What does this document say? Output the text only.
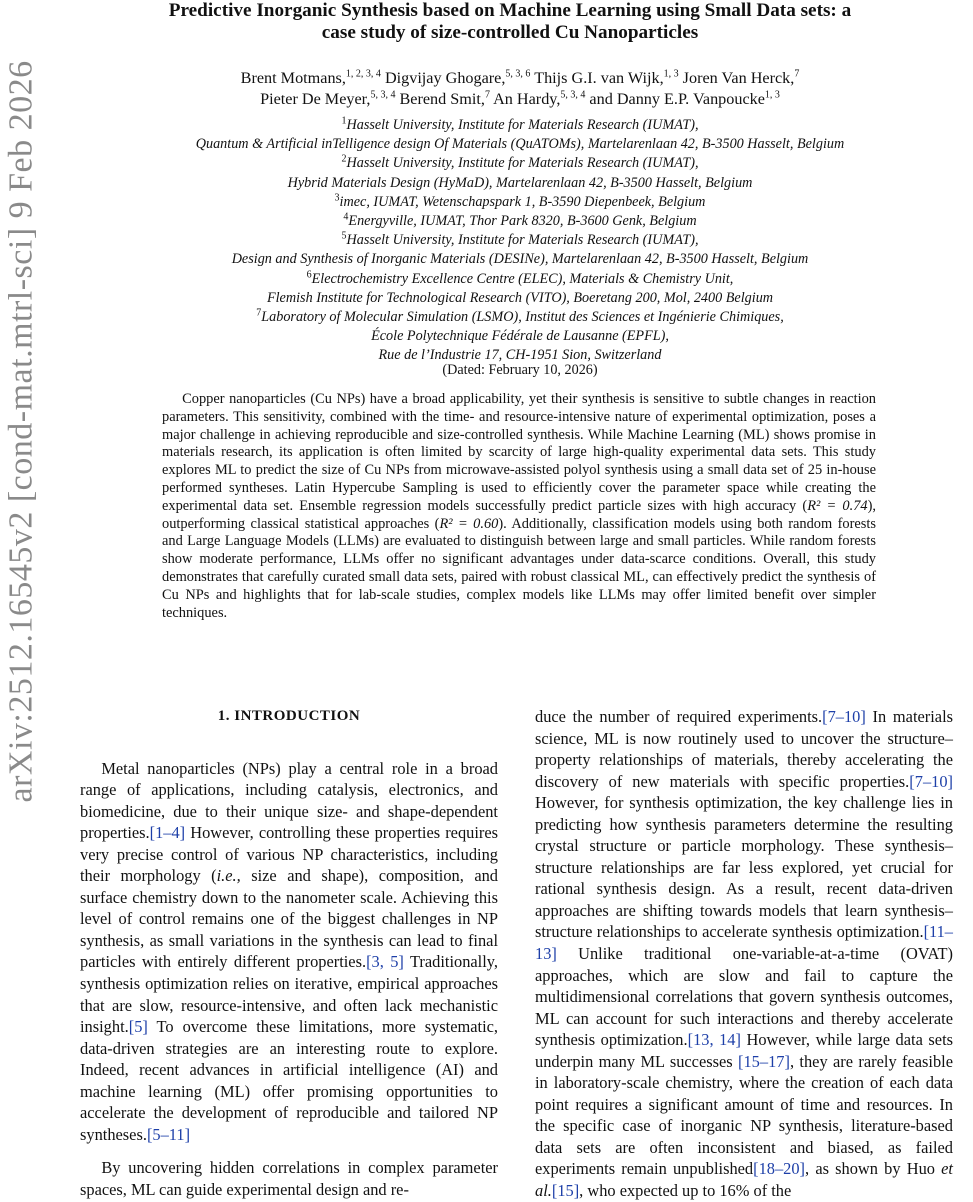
arXiv:2512.16545v2 [cond-mat.mtrl-sci] 9 Feb 2026
Predictive Inorganic Synthesis based on Machine Learning using Small Data sets: a
case study of size-controlled Cu Nanoparticles
Brent Motmans,$^{1, 2, 3, 4}$ Digvijay Ghogare,$^{5, 3, 6}$ Thijs G.I. van Wijk,$^{1, 3}$ Joren Van Herck,$^7$
Pieter De Meyer,$^{5, 3, 4}$ Berend Smit,$^7$ An Hardy,$^{5, 3, 4}$ and Danny E.P. Vanpoucke$^{1, 3}$
$^1$Hasselt University, Institute for Materials Research (IUMAT),
Quantum & Artificial inTelligence design Of Materials (QuATOMs), Martelarenlaan 42, B-3500 Hasselt, Belgium
$^2$Hasselt University, Institute for Materials Research (IUMAT),
Hybrid Materials Design (HyMaD), Martelarenlaan 42, B-3500 Hasselt, Belgium
$^3$imec, IUMAT, Wetenschapspark 1, B-3590 Diepenbeek, Belgium
$^4$Energyville, IUMAT, Thor Park 8320, B-3600 Genk, Belgium
$^5$Hasselt University, Institute for Materials Research (IUMAT),
Design and Synthesis of Inorganic Materials (DESINe), Martelarenlaan 42, B-3500 Hasselt, Belgium
$^6$Electrochemistry Excellence Centre (ELEC), Materials & Chemistry Unit,
Flemish Institute for Technological Research (VITO), Boeretang 200, Mol, 2400 Belgium
$^7$Laboratory of Molecular Simulation (LSMO), Institut des Sciences et Ingénierie Chimiques,
École Polytechnique Fédérale de Lausanne (EPFL),
Rue de l’Industrie 17, CH-1951 Sion, Switzerland
(Dated: February 10, 2026)
Copper nanoparticles (Cu NPs) have a broad applicability, yet their synthesis is sensitive to subtle changes in reaction parameters. This sensitivity, combined with the time- and resource-intensive nature of experimental optimization, poses a major challenge in achieving reproducible and size-controlled synthesis. While Machine Learning (ML) shows promise in materials research, its application is often limited by scarcity of large high-quality experimental data sets. This study explores ML to predict the size of Cu NPs from microwave-assisted polyol synthesis using a small data set of 25 in-house performed syntheses. Latin Hypercube Sampling is used to efficiently cover the parameter space while creating the experimental data set. Ensemble regression models successfully predict particle sizes with high accuracy (R² = 0.74), outperforming classical statistical approaches (R² = 0.60). Additionally, classification models using both random forests and Large Language Models (LLMs) are evaluated to distinguish between large and small particles. While random forests show moderate performance, LLMs offer no significant advantages under data-scarce conditions. Overall, this study demonstrates that carefully curated small data sets, paired with robust classical ML, can effectively predict the synthesis of Cu NPs and highlights that for lab-scale studies, complex models like LLMs may offer limited benefit over simpler techniques.
1. INTRODUCTION

Metal nanoparticles (NPs) play a central role in a broad range of applications, including catalysis, electronics, and biomedicine, due to their unique size- and shape-dependent properties.[1–4] However, controlling these properties requires very precise control of various NP characteristics, including their morphology (i.e., size and shape), composition, and surface chemistry down to the nanometer scale. Achieving this level of control remains one of the biggest challenges in NP synthesis, as small variations in the synthesis can lead to final particles with entirely different properties.[3, 5] Traditionally, synthesis optimization relies on iterative, empirical approaches that are slow, resource-intensive, and often lack mechanistic insight.[5] To overcome these limitations, more systematic, data-driven strategies are an interesting route to explore. Indeed, recent advances in artificial intelligence (AI) and machine learning (ML) offer promising opportunities to accelerate the development of reproducible and tailored NP syntheses.[5–11]

By uncovering hidden correlations in complex parameter spaces, ML can guide experimental design and re-

duce the number of required experiments.[7–10] In materials science, ML is now routinely used to uncover the structure–property relationships of materials, thereby accelerating the discovery of new materials with specific properties.[7–10] However, for synthesis optimization, the key challenge lies in predicting how synthesis parameters determine the resulting crystal structure or particle morphology. These synthesis–structure relationships are far less explored, yet crucial for rational synthesis design. As a result, recent data-driven approaches are shifting towards models that learn synthesis–structure relationships to accelerate synthesis optimization.[11–13] Unlike traditional one-variable-at-a-time (OVAT) approaches, which are slow and fail to capture the multidimensional correlations that govern synthesis outcomes, ML can account for such interactions and thereby accelerate synthesis optimization.[13, 14] However, while large data sets underpin many ML successes [15–17], they are rarely feasible in laboratory-scale chemistry, where the creation of each data point requires a significant amount of time and resources. In the specific case of inorganic NP synthesis, literature-based data sets are often inconsistent and biased, as failed experiments remain unpublished[18–20], as shown by Huo et al.[15], who expected up to 16% of the
